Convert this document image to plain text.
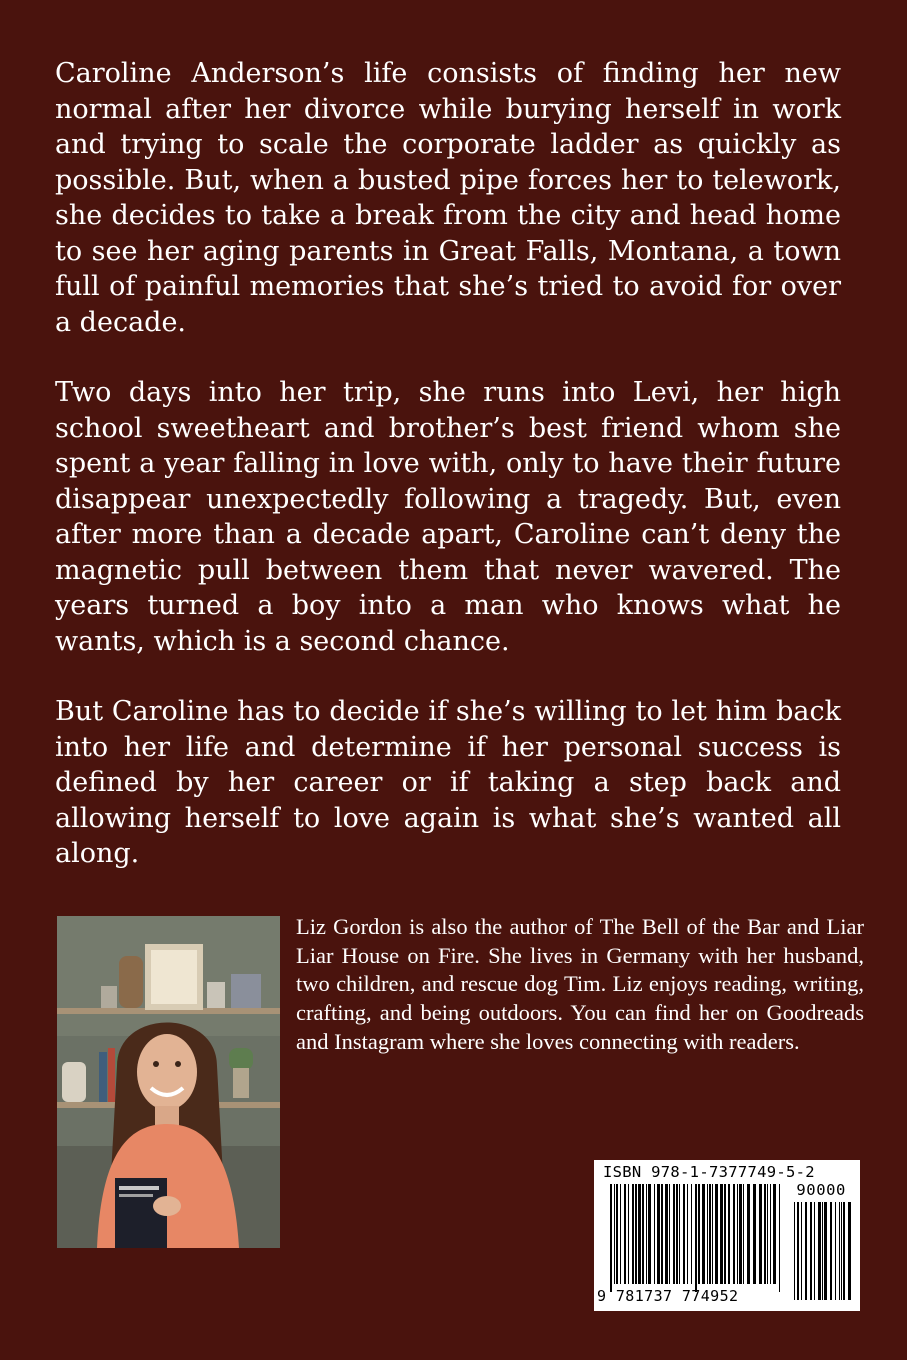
Caroline Anderson’s life consists of finding her new normal after her divorce while burying herself in work and trying to scale the corporate ladder as quickly as possible. But, when a busted pipe forces her to telework, she decides to take a break from the city and head home to see her aging parents in Great Falls, Montana, a town full of painful memories that she’s tried to avoid for over a decade.

Two days into her trip, she runs into Levi, her high school sweetheart and brother’s best friend whom she spent a year falling in love with, only to have their future disappear unexpectedly following a tragedy. But, even after more than a decade apart, Caroline can’t deny the magnetic pull between them that never wavered. The years turned a boy into a man who knows what he wants, which is a second chance.

But Caroline has to decide if she’s willing to let him back into her life and determine if her personal success is defined by her career or if taking a step back and allowing herself to love again is what she’s wanted all along.

Liz Gordon is also the author of The Bell of the Bar and Liar Liar House on Fire. She lives in Germany with her husband, two children, and rescue dog Tim. Liz enjoys reading, writing, crafting, and being outdoors. You can find her on Goodreads and Instagram where she loves connecting with readers.

ISBN 978-1-7377749-5-2
90000
9 781737 774952
